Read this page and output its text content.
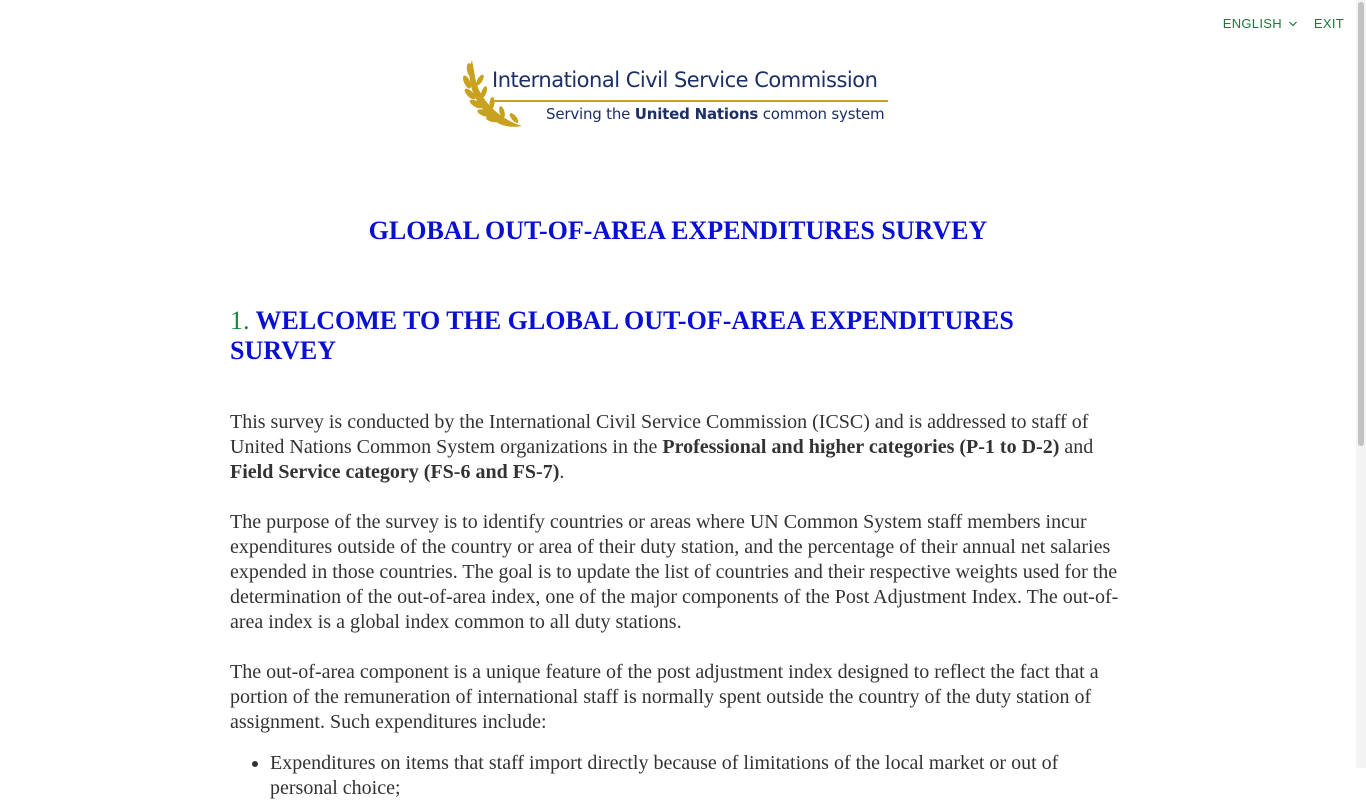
ENGLISH EXIT
International Civil Service Commission
Serving the United Nations common system
GLOBAL OUT-OF-AREA EXPENDITURES SURVEY
1. WELCOME TO THE GLOBAL OUT-OF-AREA EXPENDITURES SURVEY

This survey is conducted by the International Civil Service Commission (ICSC) and is addressed to staff of United Nations Common System organizations in the Professional and higher categories (P-1 to D-2) and Field Service category (FS-6 and FS-7).

The purpose of the survey is to identify countries or areas where UN Common System staff members incur expenditures outside of the country or area of their duty station, and the percentage of their annual net salaries expended in those countries. The goal is to update the list of countries and their respective weights used for the determination of the out-of-area index, one of the major components of the Post Adjustment Index. The out-of-area index is a global index common to all duty stations.

The out-of-area component is a unique feature of the post adjustment index designed to reflect the fact that a portion of the remuneration of international staff is normally spent outside the country of the duty station of assignment. Such expenditures include:

• Expenditures on items that staff import directly because of limitations of the local market or out of personal choice;
